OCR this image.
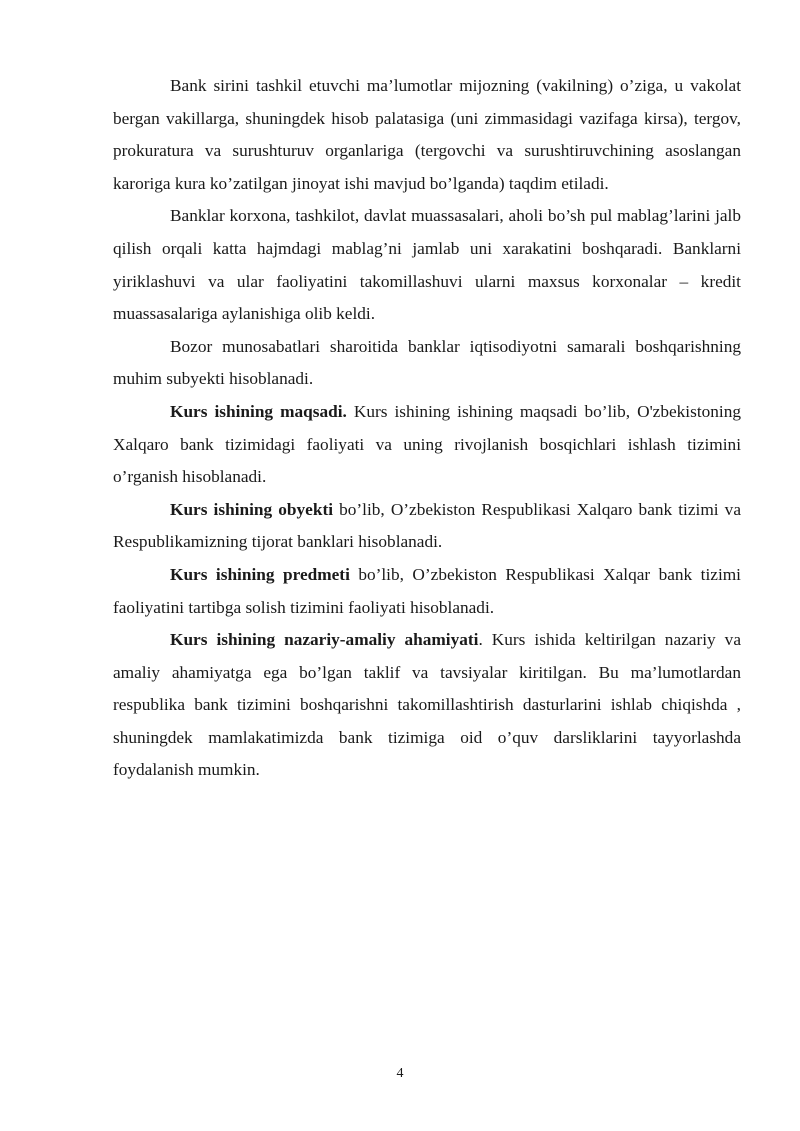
Bank sirini tashkil etuvchi ma’lumotlar mijozning (vakilning) o’ziga, u vakolat bergan vakillarga, shuningdek hisob palatasiga (uni zimmasidagi vazifaga kirsa), tergov, prokuratura va surushturuv organlariga (tergovchi va surushtiruvchining asoslangan karoriga kura ko’zatilgan jinoyat ishi mavjud bo’lganda) taqdim etiladi.

Banklar korxona, tashkilot, davlat muassasalari, aholi bo’sh pul mablag’larini jalb qilish orqali katta hajmdagi mablag’ni jamlab uni xarakatini boshqaradi. Banklarni yiriklashuvi va ular faoliyatini takomillashuvi ularni maxsus korxonalar – kredit muassasalariga aylanishiga olib keldi.

Bozor munosabatlari sharoitida banklar iqtisodiyotni samarali boshqarishning muhim subyekti hisoblanadi.

Kurs ishining maqsadi. Kurs ishining ishining maqsadi bo’lib, O'zbekistoning Xalqaro bank tizimidagi faoliyati va uning rivojlanish bosqichlari ishlash tizimini o’rganish hisoblanadi.

Kurs ishining obyekti bo’lib, O’zbekiston Respublikasi Xalqaro bank tizimi va Respublikamizning tijorat banklari hisoblanadi.

Kurs ishining predmeti bo’lib, O’zbekiston Respublikasi Xalqar bank tizimi faoliyatini tartibga solish tizimini faoliyati hisoblanadi.

Kurs ishining nazariy-amaliy ahamiyati. Kurs ishida keltirilgan nazariy va amaliy ahamiyatga ega bo’lgan taklif va tavsiyalar kiritilgan. Bu ma’lumotlardan respublika bank tizimini boshqarishni takomillashtirish dasturlarini ishlab chiqishda , shuningdek mamlakatimizda bank tizimiga oid o’quv darsliklarini tayyorlashda foydalanish mumkin.

4
